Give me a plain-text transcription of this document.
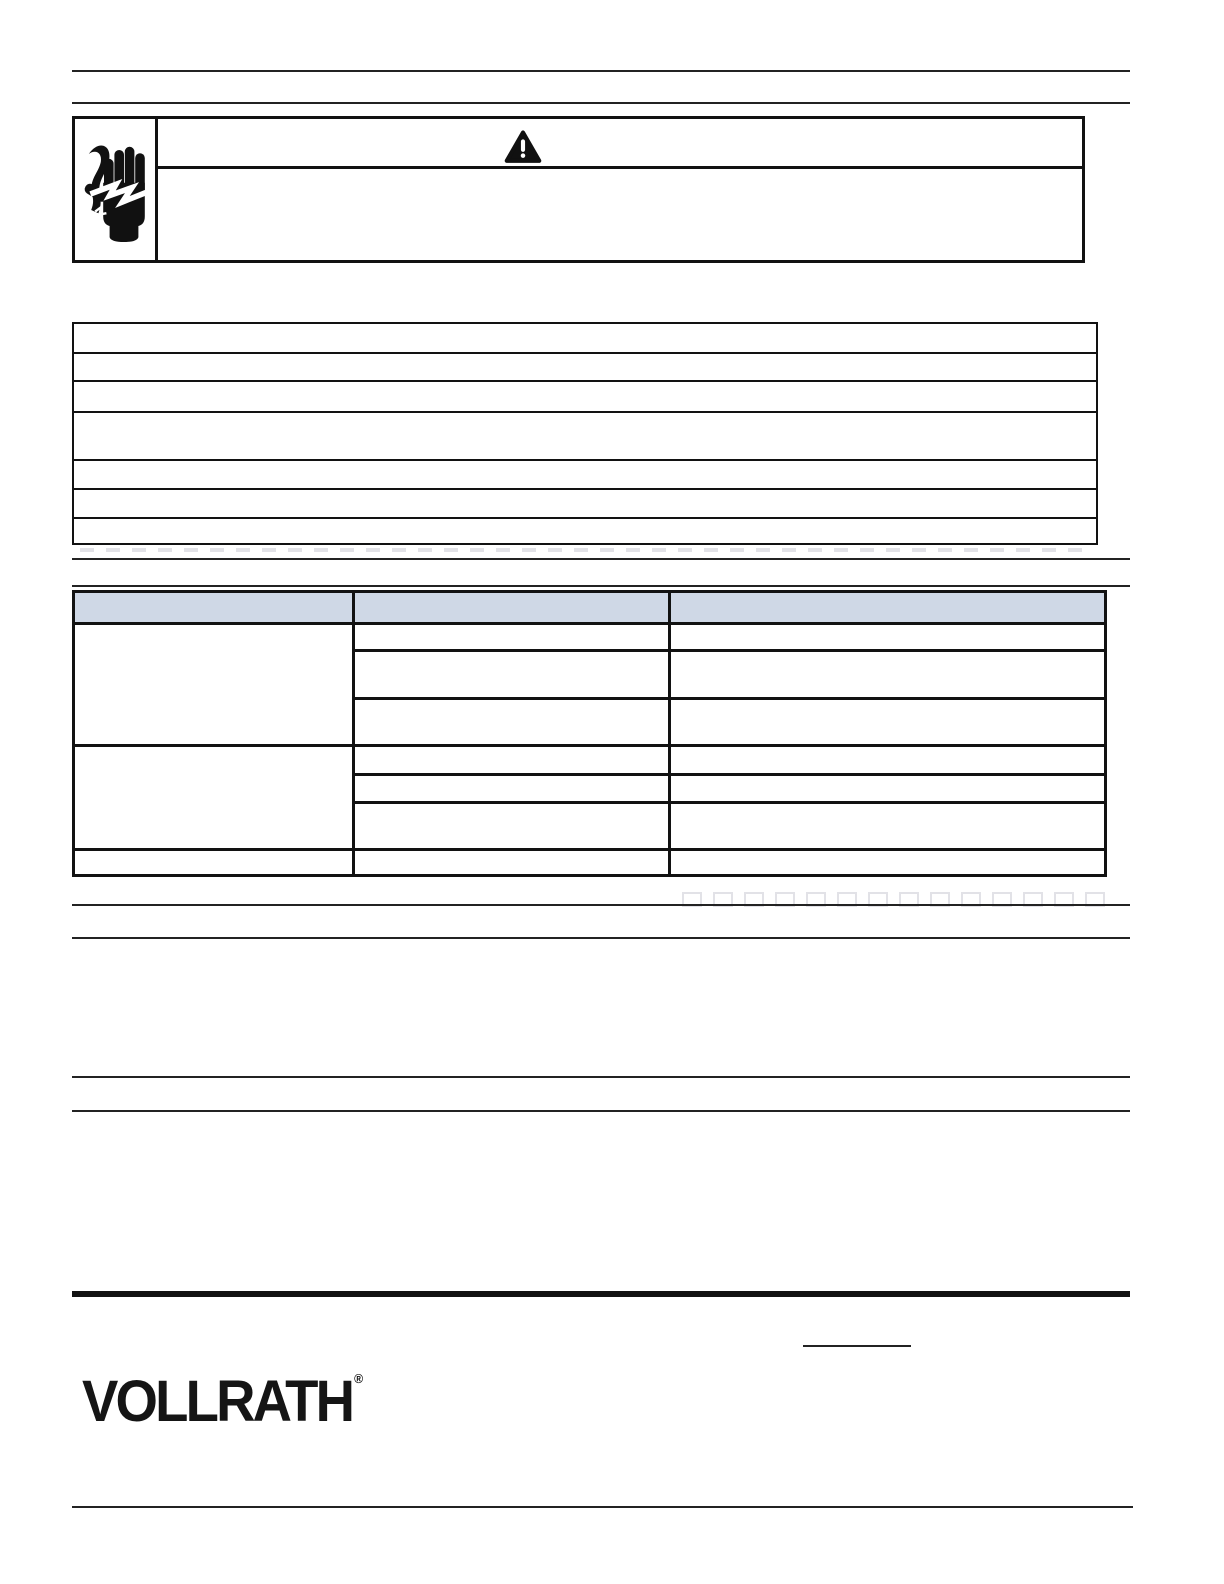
VOLLRATH ®
